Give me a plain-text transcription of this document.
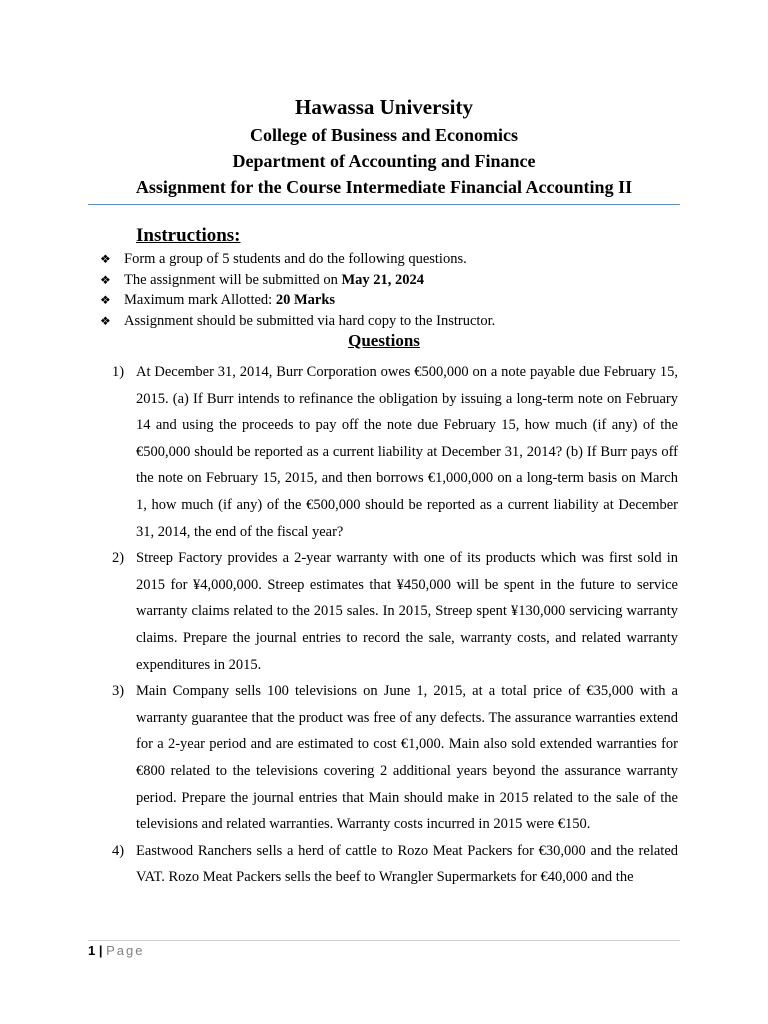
Hawassa University
College of Business and Economics
Department of Accounting and Finance
Assignment for the Course Intermediate Financial Accounting II
Instructions:
❖ Form a group of 5 students and do the following questions.
❖ The assignment will be submitted on May 21, 2024
❖ Maximum mark Allotted: 20 Marks
❖ Assignment should be submitted via hard copy to the Instructor.
Questions
1) At December 31, 2014, Burr Corporation owes €500,000 on a note payable due February 15, 2015. (a) If Burr intends to refinance the obligation by issuing a long-term note on February 14 and using the proceeds to pay off the note due February 15, how much (if any) of the €500,000 should be reported as a current liability at December 31, 2014? (b) If Burr pays off the note on February 15, 2015, and then borrows €1,000,000 on a long-term basis on March 1, how much (if any) of the €500,000 should be reported as a current liability at December 31, 2014, the end of the fiscal year?
2) Streep Factory provides a 2-year warranty with one of its products which was first sold in 2015 for ¥4,000,000. Streep estimates that ¥450,000 will be spent in the future to service warranty claims related to the 2015 sales. In 2015, Streep spent ¥130,000 servicing warranty claims. Prepare the journal entries to record the sale, warranty costs, and related warranty expenditures in 2015.
3) Main Company sells 100 televisions on June 1, 2015, at a total price of €35,000 with a warranty guarantee that the product was free of any defects. The assurance warranties extend for a 2-year period and are estimated to cost €1,000. Main also sold extended warranties for €800 related to the televisions covering 2 additional years beyond the assurance warranty period. Prepare the journal entries that Main should make in 2015 related to the sale of the televisions and related warranties. Warranty costs incurred in 2015 were €150.
4) Eastwood Ranchers sells a herd of cattle to Rozo Meat Packers for €30,000 and the related VAT. Rozo Meat Packers sells the beef to Wrangler Supermarkets for €40,000 and the
1 | Page
